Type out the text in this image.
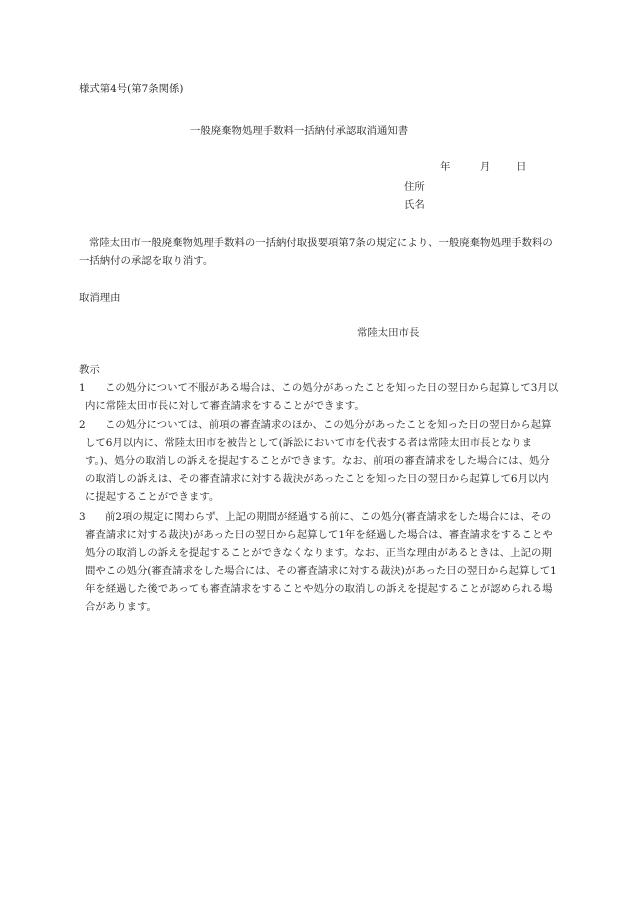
様式第4号(第7条関係)
一般廃棄物処理手数料一括納付承認取消通知書
年	月 日
住所
氏名
常陸太田市一般廃棄物処理手数料の一括納付取扱要項第7条の規定により、一般廃棄物処理手数料の一括納付の承認を取り消す。
取消理由
常陸太田市長
教示
1	この処分について不服がある場合は、この処分があったことを知った日の翌日から起算して3月以内に常陸太田市長に対して審査請求をすることができます。
2	この処分については、前項の審査請求のほか、この処分があったことを知った日の翌日から起算して6月以内に、常陸太田市を被告として(訴訟において市を代表する者は常陸太田市長となります。)、処分の取消しの訴えを提起することができます。なお、前項の審査請求をした場合には、処分の取消しの訴えは、その審査請求に対する裁決があったことを知った日の翌日から起算して6月以内に提起することができます。
3	前2項の規定に関わらず、上記の期間が経過する前に、この処分(審査請求をした場合には、その審査請求に対する裁決)があった日の翌日から起算して1年を経過した場合は、審査請求をすることや処分の取消しの訴えを提起することができなくなります。なお、正当な理由があるときは、上記の期間やこの処分(審査請求をした場合には、その審査請求に対する裁決)があった日の翌日から起算して1年を経過した後であっても審査請求をすることや処分の取消しの訴えを提起することが認められる場合があります。
